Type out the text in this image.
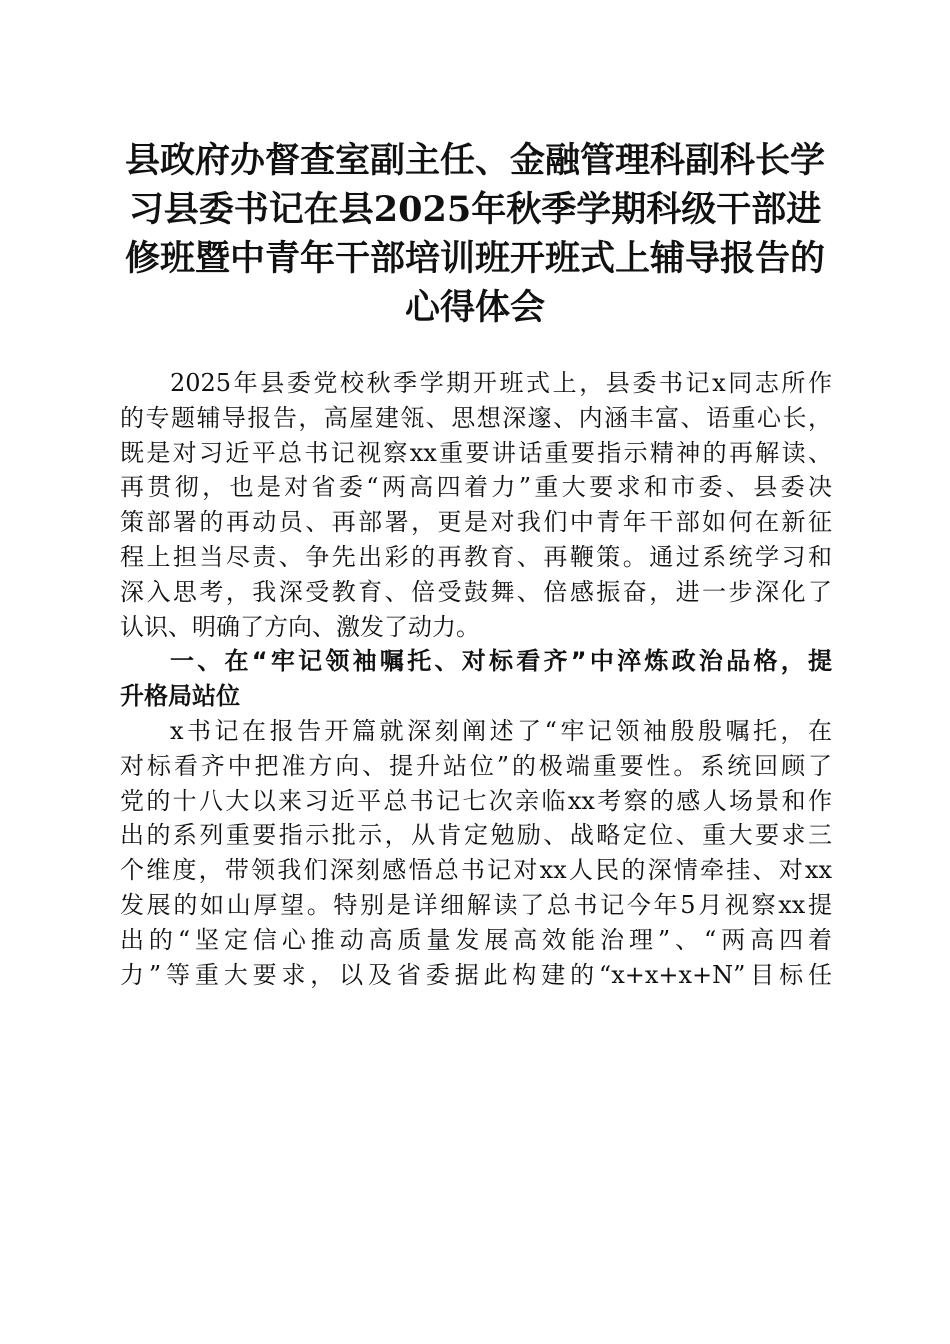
县政府办督查室副主任、金融管理科副科长学
习县委书记在县2025年秋季学期科级干部进
修班暨中青年干部培训班开班式上辅导报告的
心得体会
2025年县委党校秋季学期开班式上，县委书记x同志所作
的专题辅导报告，高屋建瓴、思想深邃、内涵丰富、语重心长，
既是对习近平总书记视察xx重要讲话重要指示精神的再解读、
再贯彻，也是对省委“两高四着力”重大要求和市委、县委决
策部署的再动员、再部署，更是对我们中青年干部如何在新征
程上担当尽责、争先出彩的再教育、再鞭策。通过系统学习和
深入思考，我深受教育、倍受鼓舞、倍感振奋，进一步深化了
认识、明确了方向、激发了动力。
一、在“牢记领袖嘱托、对标看齐”中淬炼政治品格，提
升格局站位
x书记在报告开篇就深刻阐述了“牢记领袖殷殷嘱托，在
对标看齐中把准方向、提升站位”的极端重要性。系统回顾了
党的十八大以来习近平总书记七次亲临xx考察的感人场景和作
出的系列重要指示批示，从肯定勉励、战略定位、重大要求三
个维度，带领我们深刻感悟总书记对xx人民的深情牵挂、对xx
发展的如山厚望。特别是详细解读了总书记今年5月视察xx提
出的“坚定信心推动高质量发展高效能治理”、“两高四着
力”等重大要求，以及省委据此构建的“x+x+x+N”目标任
